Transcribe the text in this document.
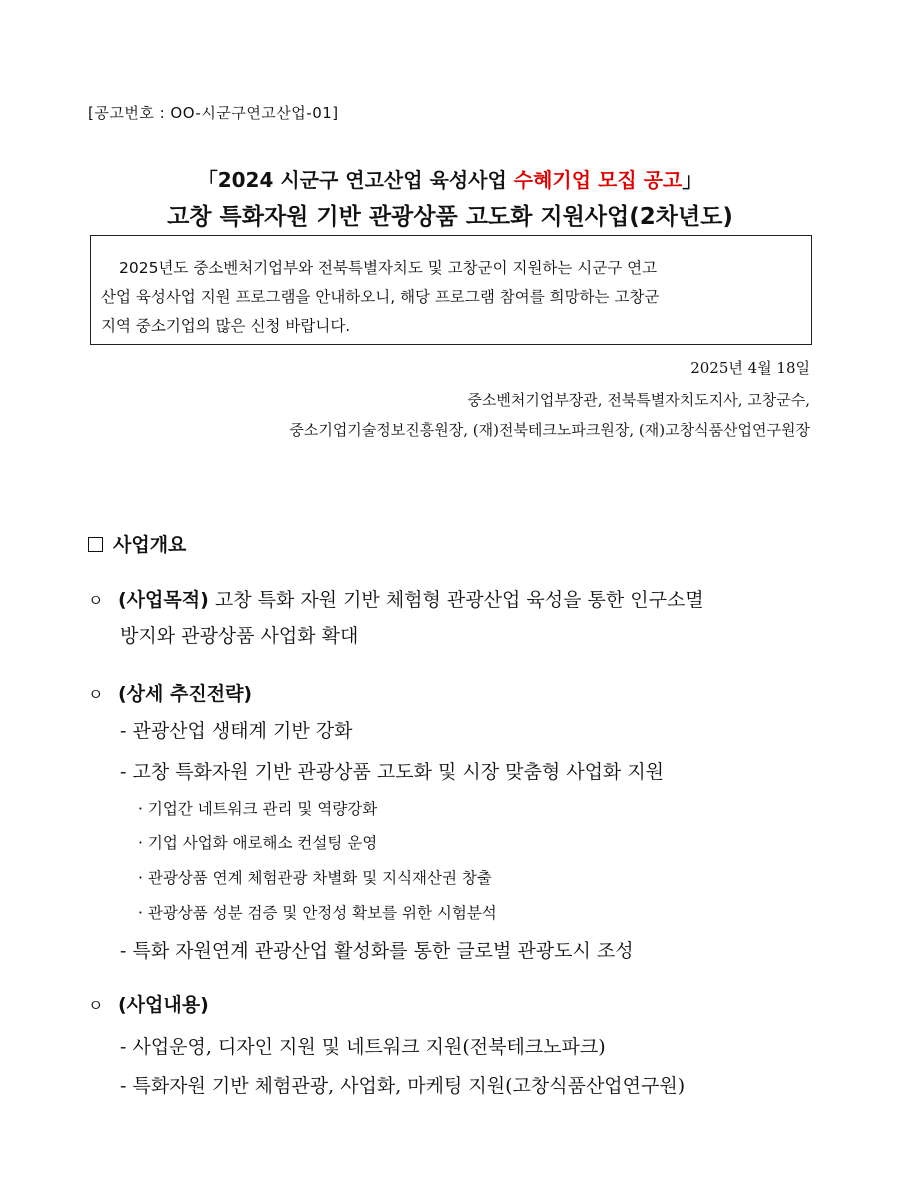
[공고번호 : OO-시군구연고산업-01]
「2024 시군구 연고산업 육성사업 수혜기업 모집 공고」
고창 특화자원 기반 관광상품 고도화 지원사업(2차년도)
2025년도 중소벤처기업부와 전북특별자치도 및 고창군이 지원하는 시군구 연고
산업 육성사업 지원 프로그램을 안내하오니, 해당 프로그램 참여를 희망하는 고창군
지역 중소기업의 많은 신청 바랍니다.
2025년 4월 18일
중소벤처기업부장관, 전북특별자치도지사, 고창군수,
중소기업기술정보진흥원장, (재)전북테크노파크원장, (재)고창식품산업연구원장
사업개요
ㅇ (사업목적) 고창 특화 자원 기반 체험형 관광산업 육성을 통한 인구소멸
방지와 관광상품 사업화 확대
ㅇ (상세 추진전략)
- 관광산업 생태계 기반 강화
- 고창 특화자원 기반 관광상품 고도화 및 시장 맞춤형 사업화 지원
· 기업간 네트워크 관리 및 역량강화
· 기업 사업화 애로해소 컨설팅 운영
· 관광상품 연계 체험관광 차별화 및 지식재산권 창출
· 관광상품 성분 검증 및 안정성 확보를 위한 시험분석
- 특화 자원연계 관광산업 활성화를 통한 글로벌 관광도시 조성
ㅇ (사업내용)
- 사업운영, 디자인 지원 및 네트워크 지원(전북테크노파크)
- 특화자원 기반 체험관광, 사업화, 마케팅 지원(고창식품산업연구원)
